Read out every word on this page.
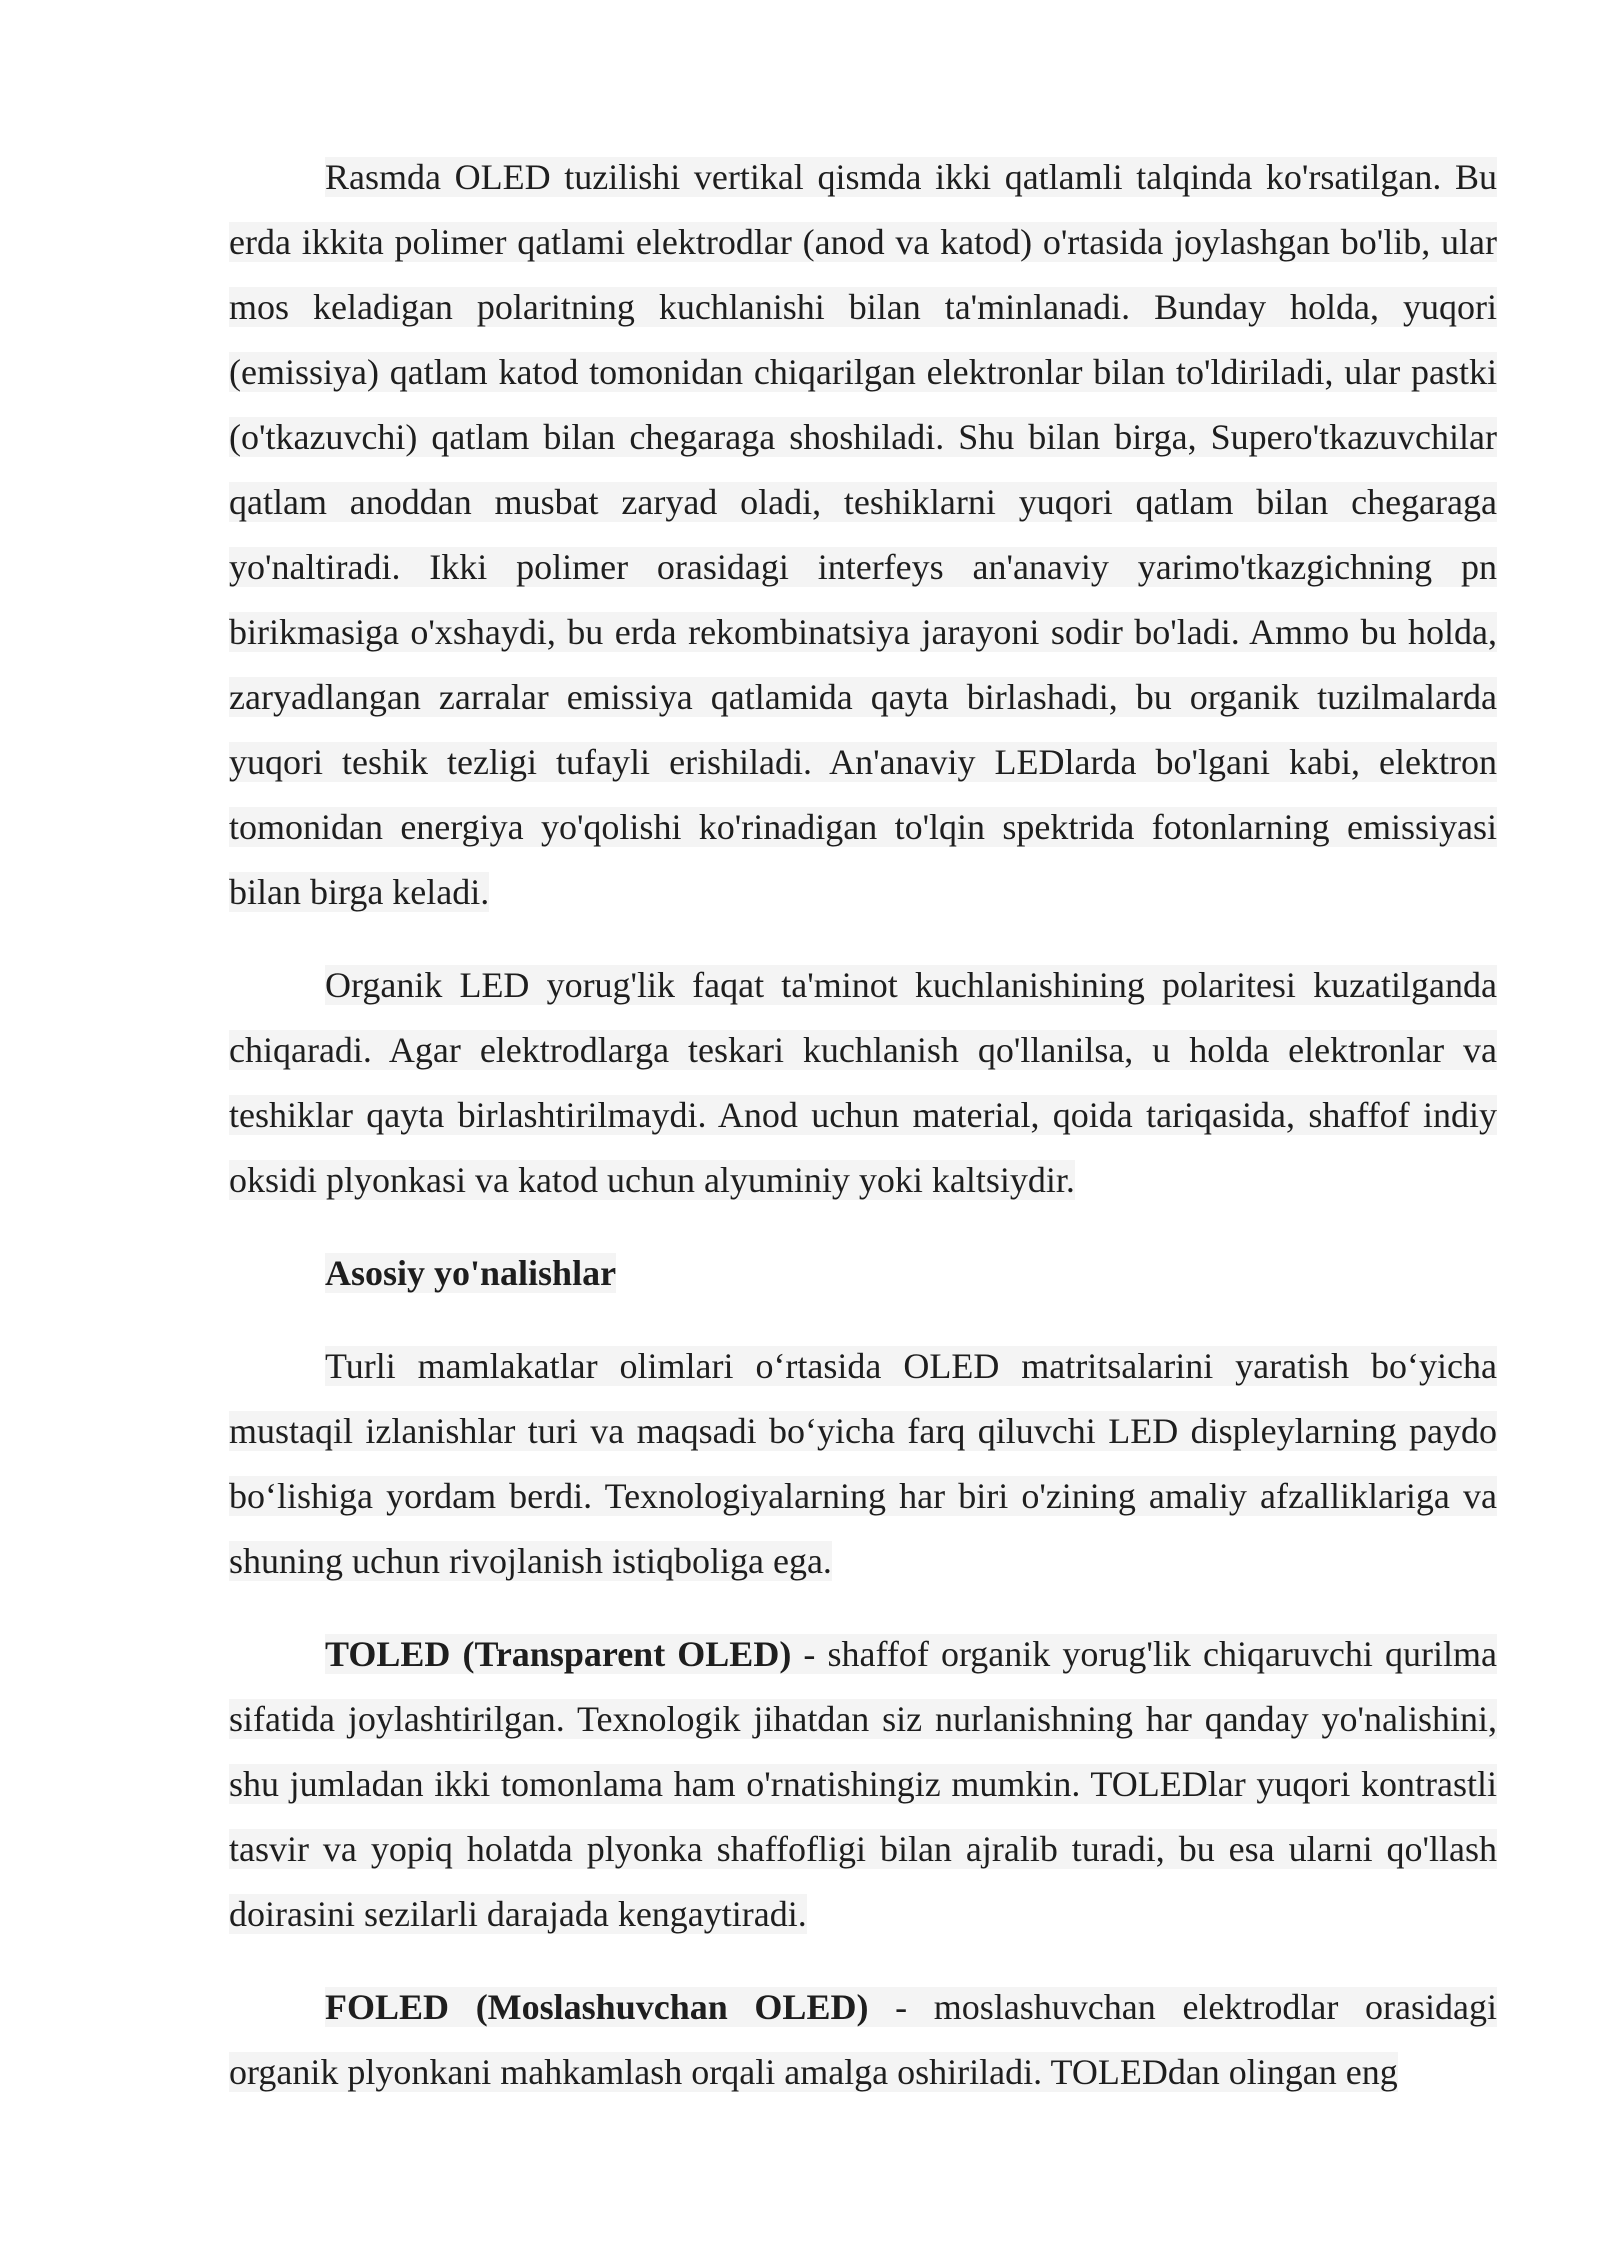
Rasmda OLED tuzilishi vertikal qismda ikki qatlamli talqinda ko'rsatilgan. Bu erda ikkita polimer qatlami elektrodlar (anod va katod) o'rtasida joylashgan bo'lib, ular mos keladigan polaritning kuchlanishi bilan ta'minlanadi. Bunday holda, yuqori (emissiya) qatlam katod tomonidan chiqarilgan elektronlar bilan to'ldiriladi, ular pastki (o'tkazuvchi) qatlam bilan chegaraga shoshiladi. Shu bilan birga, Supero'tkazuvchilar qatlam anoddan musbat zaryad oladi, teshiklarni yuqori qatlam bilan chegaraga yo'naltiradi. Ikki polimer orasidagi interfeys an'anaviy yarimo'tkazgichning pn birikmasiga o'xshaydi, bu erda rekombinatsiya jarayoni sodir bo'ladi. Ammo bu holda, zaryadlangan zarralar emissiya qatlamida qayta birlashadi, bu organik tuzilmalarda yuqori teshik tezligi tufayli erishiladi. An'anaviy LEDlarda bo'lgani kabi, elektron tomonidan energiya yo'qolishi ko'rinadigan to'lqin spektrida fotonlarning emissiyasi bilan birga keladi.

Organik LED yorug'lik faqat ta'minot kuchlanishining polaritesi kuzatilganda chiqaradi. Agar elektrodlarga teskari kuchlanish qo'llanilsa, u holda elektronlar va teshiklar qayta birlashtirilmaydi. Anod uchun material, qoida tariqasida, shaffof indiy oksidi plyonkasi va katod uchun alyuminiy yoki kaltsiydir.

Asosiy yo'nalishlar

Turli mamlakatlar olimlari o‘rtasida OLED matritsalarini yaratish bo‘yicha mustaqil izlanishlar turi va maqsadi bo‘yicha farq qiluvchi LED displeylarning paydo bo‘lishiga yordam berdi. Texnologiyalarning har biri o'zining amaliy afzalliklariga va shuning uchun rivojlanish istiqboliga ega.

TOLED (Transparent OLED) - shaffof organik yorug'lik chiqaruvchi qurilma sifatida joylashtirilgan. Texnologik jihatdan siz nurlanishning har qanday yo'nalishini, shu jumladan ikki tomonlama ham o'rnatishingiz mumkin. TOLEDlar yuqori kontrastli tasvir va yopiq holatda plyonka shaffofligi bilan ajralib turadi, bu esa ularni qo'llash doirasini sezilarli darajada kengaytiradi.

FOLED (Moslashuvchan OLED) - moslashuvchan elektrodlar orasidagi organik plyonkani mahkamlash orqali amalga oshiriladi. TOLEDdan olingan eng
